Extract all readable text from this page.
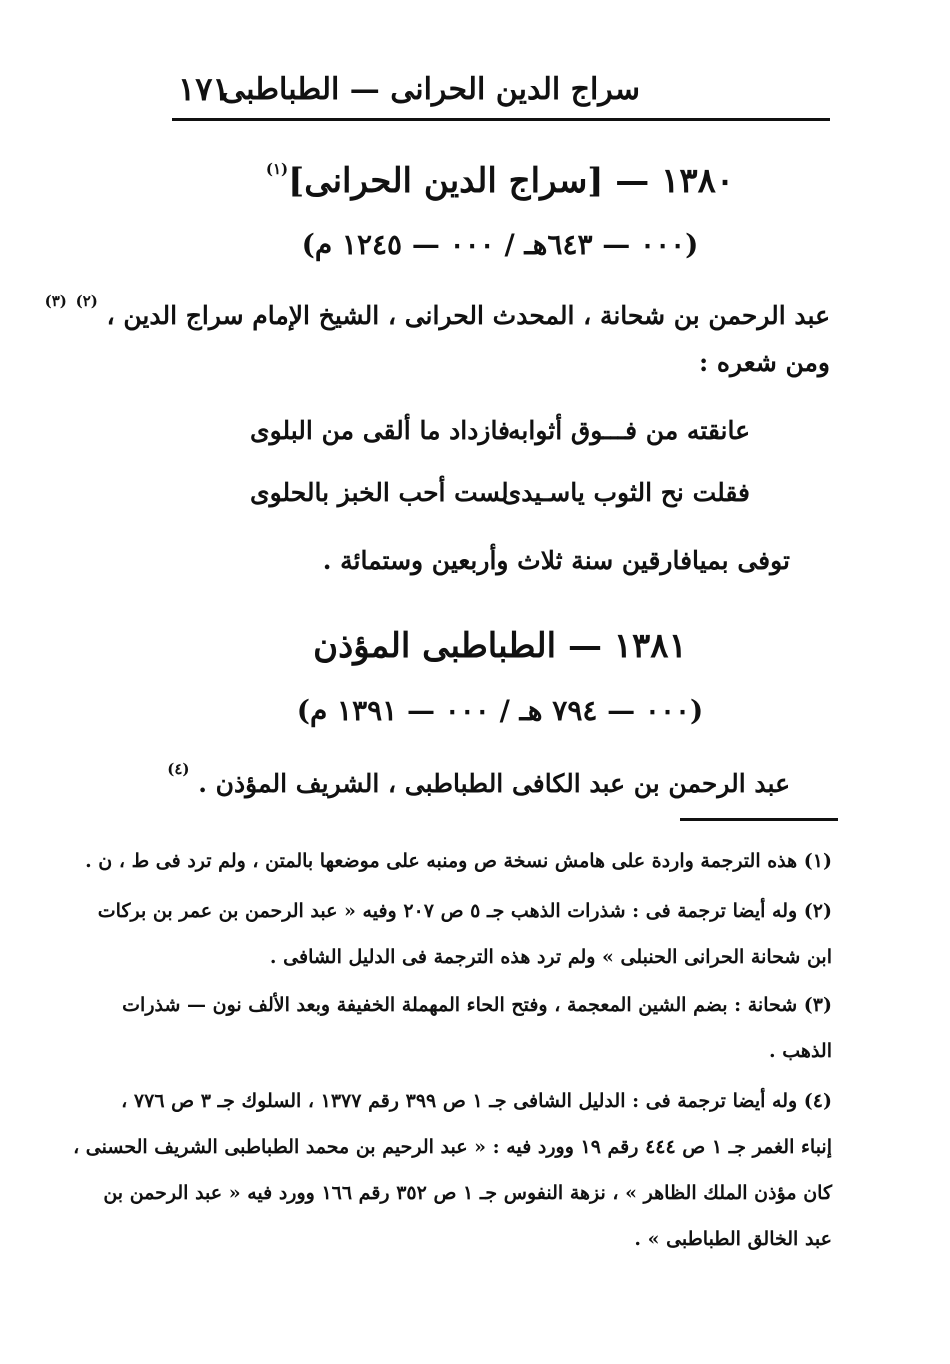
سراج الدين الحرانى — الطباطبى
١٧١
١٣٨٠ — [سراج الدين الحرانى]$^{(١)}$
(٠٠٠ — ٦٤٣هـ / ٠٠٠ — ١٢٤٥ م)
عبد الرحمن بن شحانة ، المحدث الحرانى ، الشيخ الإمام سراج الدين ، $^{(٢)}$ $^{(٣)}$
ومن شعره :
عانقته من فـــوق أثوابه
فازداد ما ألقى من البلوى
فقلت نح الثوب ياسـيدى
لست أحب الخبز بالحلوى
توفى بميافارقين سنة ثلاث وأربعين وستمائة .
١٣٨١ — الطباطبى المؤذن
(٠٠٠ — ٧٩٤ هـ / ٠٠٠ — ١٣٩١ م)
عبد الرحمن بن عبد الكافى الطباطبى ، الشريف المؤذن . $^{(٤)}$
(١) هذه الترجمة واردة على هامش نسخة ص ومنبه على موضعها بالمتن ، ولم ترد فى ط ، ن .
(٢) وله أيضا ترجمة فى : شذرات الذهب جـ ٥ ص ٢٠٧ وفيه « عبد الرحمن بن عمر بن بركات
ابن شحانة الحرانى الحنبلى » ولم ترد هذه الترجمة فى الدليل الشافى .
(٣) شحانة : بضم الشين المعجمة ، وفتح الحاء المهملة الخفيفة وبعد الألف نون — شذرات
الذهب .
(٤) وله أيضا ترجمة فى : الدليل الشافى جـ ١ ص ٣٩٩ رقم ١٣٧٧ ، السلوك جـ ٣ ص ٧٧٦ ،
إنباء الغمر جـ ١ ص ٤٤٤ رقم ١٩ وورد فيه : « عبد الرحيم بن محمد الطباطبى الشريف الحسنى ،
كان مؤذن الملك الظاهر » ، نزهة النفوس جـ ١ ص ٣٥٢ رقم ١٦٦ وورد فيه « عبد الرحمن بن
عبد الخالق الطباطبى » .
